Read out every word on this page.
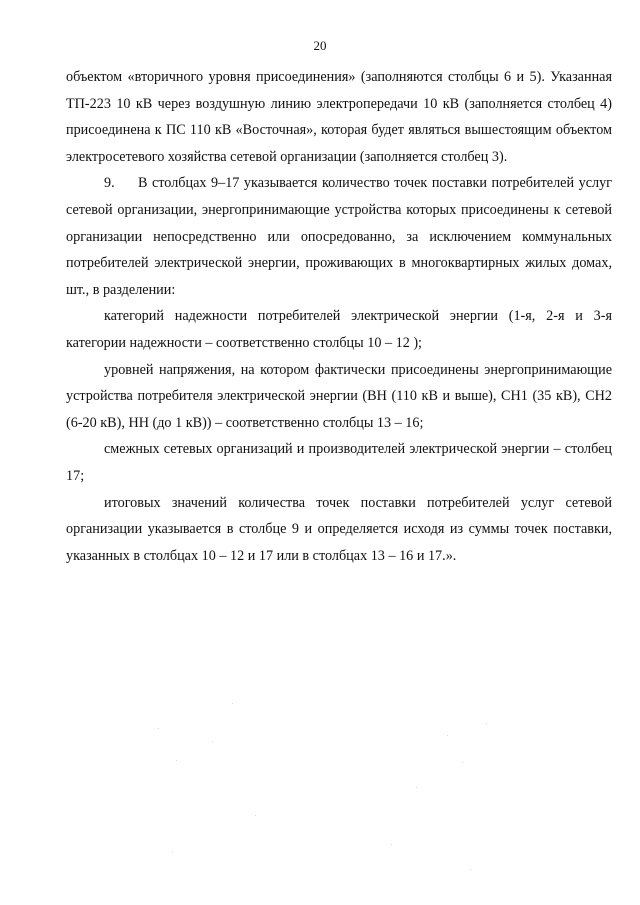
20

объектом «вторичного уровня присоединения» (заполняются столбцы 6 и 5). Указанная ТП-223 10 кВ через воздушную линию электропередачи 10 кВ (заполняется столбец 4) присоединена к ПС 110 кВ «Восточная», которая будет являться вышестоящим объектом электросетевого хозяйства сетевой организации (заполняется столбец 3).

9. В столбцах 9–17 указывается количество точек поставки потребителей услуг сетевой организации, энергопринимающие устройства которых присоединены к сетевой организации непосредственно или опосредованно, за исключением коммунальных потребителей электрической энергии, проживающих в многоквартирных жилых домах, шт., в разделении:

категорий надежности потребителей электрической энергии (1-я, 2-я и 3-я категории надежности – соответственно столбцы 10 – 12 );

уровней напряжения, на котором фактически присоединены энергопринимающие устройства потребителя электрической энергии (ВН (110 кВ и выше), СН1 (35 кВ), СН2 (6-20 кВ), НН (до 1 кВ)) – соответственно столбцы 13 – 16;

смежных сетевых организаций и производителей электрической энергии – столбец 17;

итоговых значений количества точек поставки потребителей услуг сетевой организации указывается в столбце 9 и определяется исходя из суммы точек поставки, указанных в столбцах 10 – 12 и 17 или в столбцах 13 – 16 и 17.».
